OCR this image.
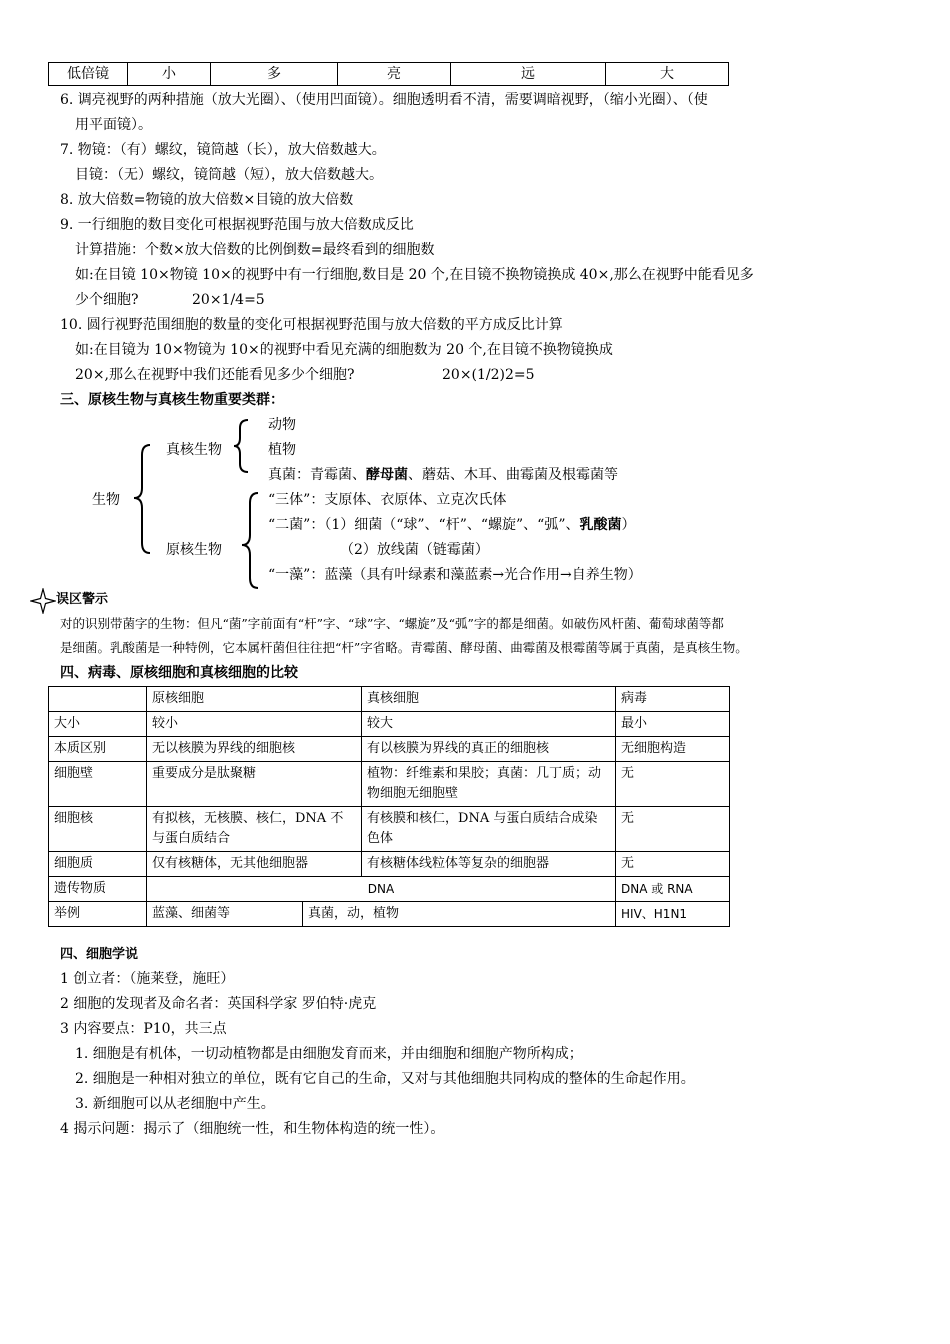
低倍镜	小	多	亮	远	大
6. 调亮视野的两种措施（放大光圈）、（使用凹面镜）。细胞透明看不清，需要调暗视野，（缩小光圈）、（使
用平面镜）。
7. 物镜：（有）螺纹，镜筒越（长），放大倍数越大。
目镜：（无）螺纹，镜筒越（短），放大倍数越大。
8. 放大倍数=物镜的放大倍数×目镜的放大倍数
9. 一行细胞的数目变化可根据视野范围与放大倍数成反比
计算措施：个数×放大倍数的比例倒数=最终看到的细胞数
如:在目镜 10×物镜 10×的视野中有一行细胞,数目是 20 个,在目镜不换物镜换成 40×,那么在视野中能看见多
少个细胞?	20×1/4=5
10. 圆行视野范围细胞的数量的变化可根据视野范围与放大倍数的平方成反比计算
如:在目镜为 10×物镜为 10×的视野中看见充满的细胞数为 20 个,在目镜不换物镜换成
20×,那么在视野中我们还能看见多少个细胞?	20×(1/2)2=5
三、原核生物与真核生物重要类群：
生物
真核生物
动物
植物
真菌：青霉菌、酵母菌、蘑菇、木耳、曲霉菌及根霉菌等
原核生物
“三体”：支原体、衣原体、立克次氏体
“二菌”：（1）细菌（“球”、“杆”、“螺旋”、“弧”、乳酸菌）
（2）放线菌（链霉菌）
“一藻”：蓝藻（具有叶绿素和藻蓝素→光合作用→自养生物）
误区警示
对的识别带菌字的生物：但凡“菌”字前面有“杆”字、“球”字、“螺旋”及“弧”字的都是细菌。如破伤风杆菌、葡萄球菌等都
是细菌。乳酸菌是一种特例，它本属杆菌但往往把“杆”字省略。青霉菌、酵母菌、曲霉菌及根霉菌等属于真菌，是真核生物。
四、病毒、原核细胞和真核细胞的比较
	原核细胞		真核细胞	病毒
大小	较小		较大	最小
本质区别	无以核膜为界线的细胞核		有以核膜为界线的真正的细胞核	无细胞构造
细胞壁	重要成分是肽聚糖		植物：纤维素和果胶；真菌：几丁质；动物细胞无细胞壁	无
细胞核	有拟核，无核膜、核仁，DNA 不与蛋白质结合		有核膜和核仁，DNA 与蛋白质结合成染色体	无
细胞质	仅有核糖体，无其他细胞器		有核糖体线粒体等复杂的细胞器	无
遗传物质	DNA			DNA 或 RNA
举例	蓝藻、细菌等	真菌，动，植物		HIV、H1N1
四、细胞学说
1 创立者：（施莱登，施旺）
2 细胞的发现者及命名者：英国科学家 罗伯特·虎克
3 内容要点：P10，共三点
1. 细胞是有机体，一切动植物都是由细胞发育而来，并由细胞和细胞产物所构成；
2. 细胞是一种相对独立的单位，既有它自己的生命，又对与其他细胞共同构成的整体的生命起作用。
3. 新细胞可以从老细胞中产生。
4 揭示问题：揭示了（细胞统一性，和生物体构造的统一性）。
